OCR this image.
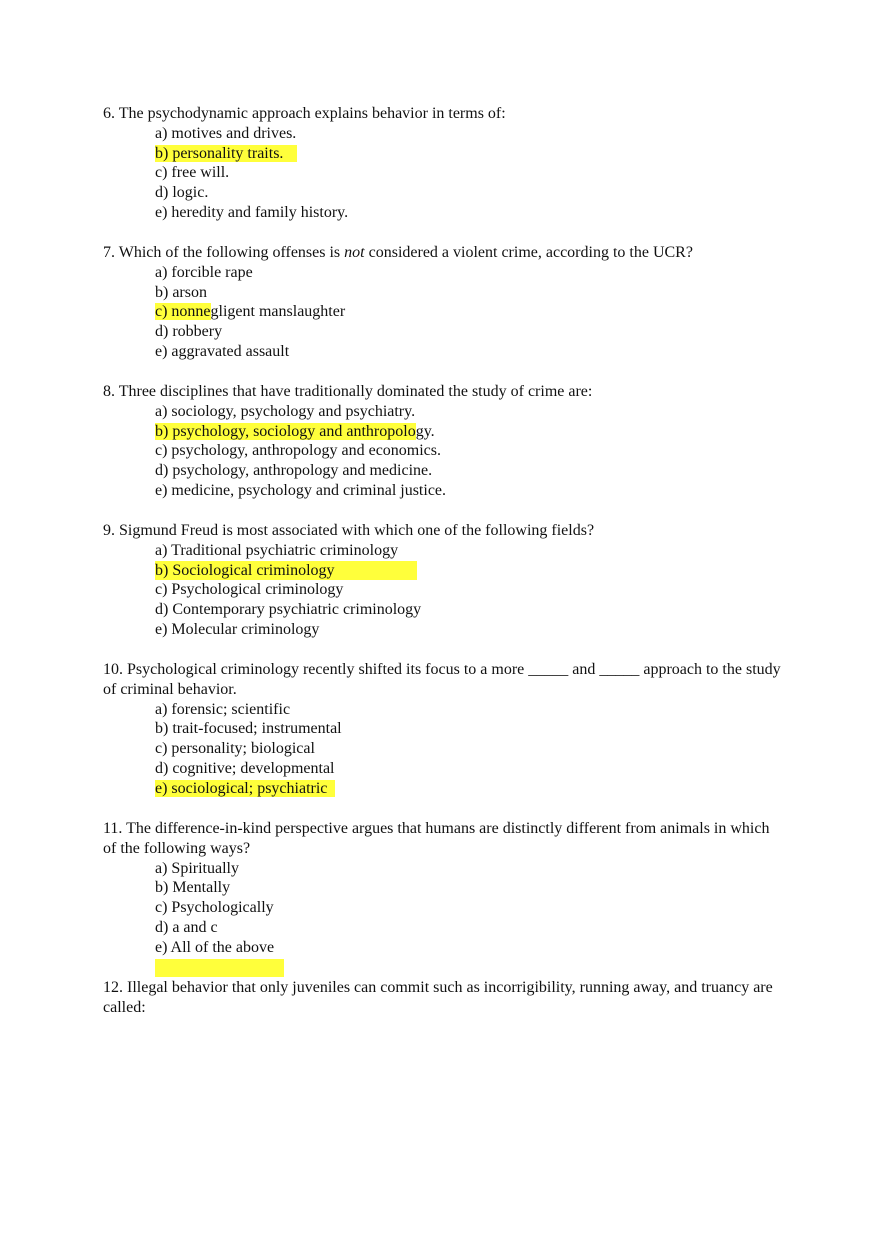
6. The psychodynamic approach explains behavior in terms of:

a) motives and drives.

b) personality traits.

c) free will.

d) logic.

e) heredity and family history.

7. Which of the following offenses is not considered a violent crime, according to the UCR?

a) forcible rape

b) arson

c) nonnegligent manslaughter

d) robbery

e) aggravated assault

8. Three disciplines that have traditionally dominated the study of crime are:

a) sociology, psychology and psychiatry.

b) psychology, sociology and anthropology.

c) psychology, anthropology and economics.

d) psychology, anthropology and medicine.

e) medicine, psychology and criminal justice.

9. Sigmund Freud is most associated with which one of the following fields?

a) Traditional psychiatric criminology

b) Sociological criminology

c) Psychological criminology

d) Contemporary psychiatric criminology

e) Molecular criminology

10. Psychological criminology recently shifted its focus to a more _____ and _____ approach to the study of criminal behavior.

a) forensic; scientific

b) trait-focused; instrumental

c) personality; biological

d) cognitive; developmental

e) sociological; psychiatric

11. The difference-in-kind perspective argues that humans are distinctly different from animals in which of the following ways?

a) Spiritually

b) Mentally

c) Psychologically

d) a and c

e) All of the above

12. Illegal behavior that only juveniles can commit such as incorrigibility, running away, and truancy are called:
